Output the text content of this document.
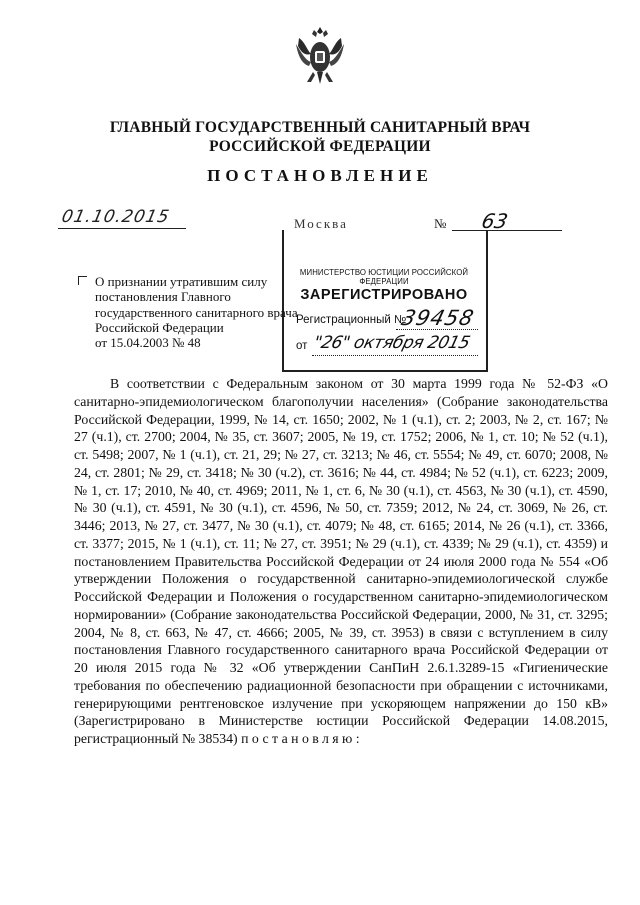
ГЛАВНЫЙ ГОСУДАРСТВЕННЫЙ САНИТАРНЫЙ ВРАЧ
РОССИЙСКОЙ ФЕДЕРАЦИИ
ПОСТАНОВЛЕНИЕ
01.10.2015	Москва	№ 63
МИНИСТЕРСТВО ЮСТИЦИИ РОССИЙСКОЙ ФЕДЕРАЦИИ
ЗАРЕГИСТРИРОВАНО
Регистрационный №
39458
от "26" октября 2015
О признании утратившим силу
постановления Главного
государственного санитарного врача
Российской Федерации
от 15.04.2003 № 48

В соответствии с Федеральным законом от 30 марта 1999 года № 52-ФЗ «О санитарно-эпидемиологическом благополучии населения» (Собрание законодательства Российской Федерации, 1999, № 14, ст. 1650; 2002, № 1 (ч.1), ст. 2; 2003, № 2, ст. 167; № 27 (ч.1), ст. 2700; 2004, № 35, ст. 3607; 2005, № 19, ст. 1752; 2006, № 1, ст. 10; № 52 (ч.1), ст. 5498; 2007, № 1 (ч.1), ст. 21, 29; № 27, ст. 3213; № 46, ст. 5554; № 49, ст. 6070; 2008, № 24, ст. 2801; № 29, ст. 3418; № 30 (ч.2), ст. 3616; № 44, ст. 4984; № 52 (ч.1), ст. 6223; 2009, № 1, ст. 17; 2010, № 40, ст. 4969; 2011, № 1, ст. 6, № 30 (ч.1), ст. 4563, № 30 (ч.1), ст. 4590, № 30 (ч.1), ст. 4591, № 30 (ч.1), ст. 4596, № 50, ст. 7359; 2012, № 24, ст. 3069, № 26, ст. 3446; 2013, № 27, ст. 3477, № 30 (ч.1), ст. 4079; № 48, ст. 6165; 2014, № 26 (ч.1), ст. 3366, ст. 3377; 2015, № 1 (ч.1), ст. 11; № 27, ст. 3951; № 29 (ч.1), ст. 4339; № 29 (ч.1), ст. 4359) и постановлением Правительства Российской Федерации от 24 июля 2000 года № 554 «Об утверждении Положения о государственной санитарно-эпидемиологической службе Российской Федерации и Положения о государственном санитарно-эпидемиологическом нормировании» (Собрание законодательства Российской Федерации, 2000, № 31, ст. 3295; 2004, № 8, ст. 663, № 47, ст. 4666; 2005, № 39, ст. 3953) в связи с вступлением в силу постановления Главного государственного санитарного врача Российской Федерации от 20 июля 2015 года № 32 «Об утверждении СанПиН 2.6.1.3289-15 «Гигиенические требования по обеспечению радиационной безопасности при обращении с источниками, генерирующими рентгеновское излучение при ускоряющем напряжении до 150 кВ» (Зарегистрировано в Министерстве юстиции Российской Федерации 14.08.2015, регистрационный № 38534) постановляю:
